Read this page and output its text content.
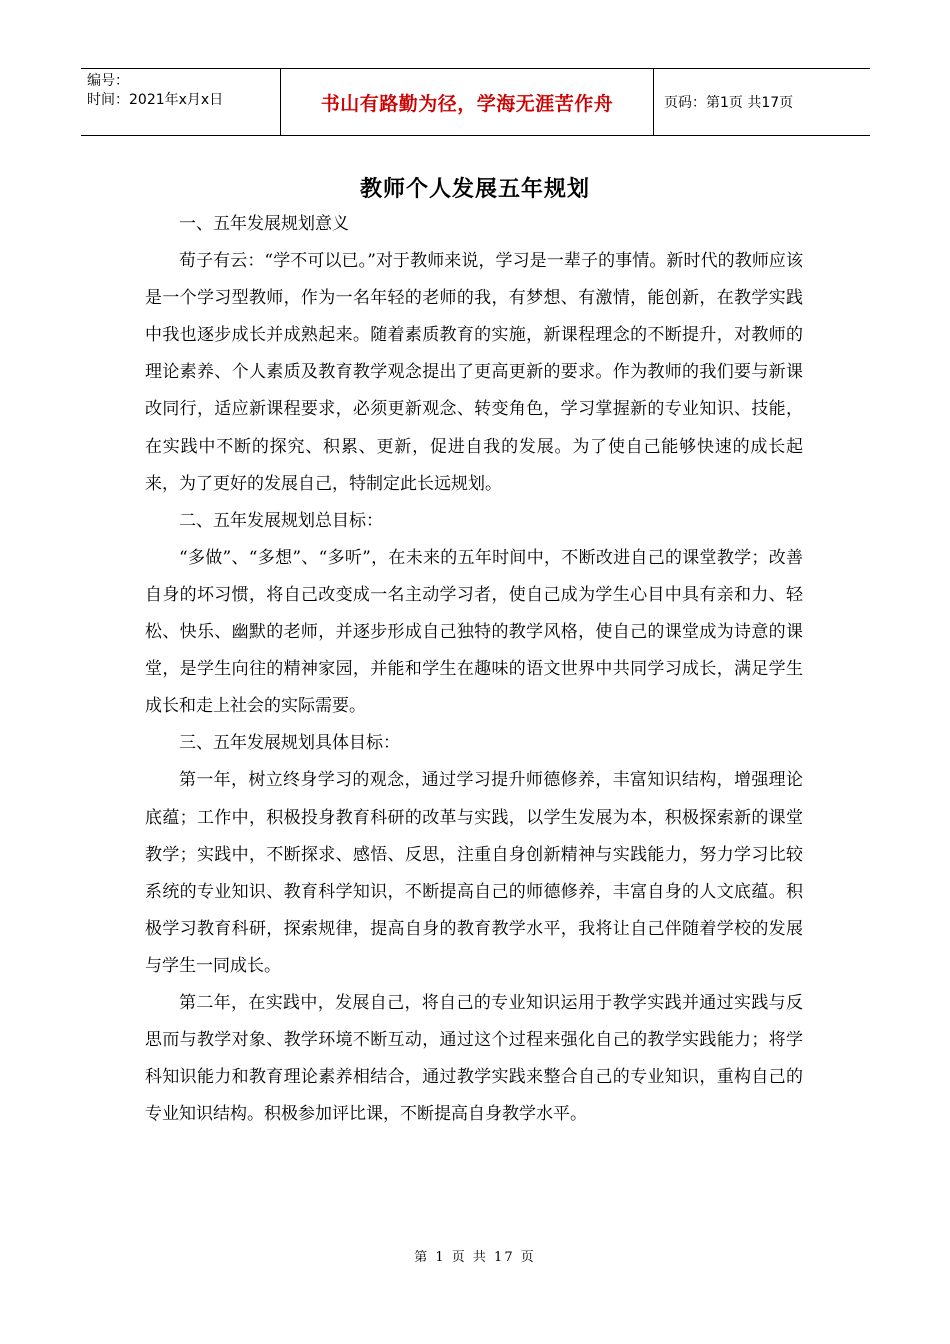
编号：
时间：2021年x月x日	书山有路勤为径，学海无涯苦作舟	页码：第1页 共17页
教师个人发展五年规划

一、五年发展规划意义

荀子有云：“学不可以已。”对于教师来说，学习是一辈子的事情。新时代的教师应该是一个学习型教师，作为一名年轻的老师的我，有梦想、有激情，能创新，在教学实践中我也逐步成长并成熟起来。随着素质教育的实施，新课程理念的不断提升，对教师的理论素养、个人素质及教育教学观念提出了更高更新的要求。作为教师的我们要与新课改同行，适应新课程要求，必须更新观念、转变角色，学习掌握新的专业知识、技能，在实践中不断的探究、积累、更新，促进自我的发展。为了使自己能够快速的成长起来，为了更好的发展自己，特制定此长远规划。

二、五年发展规划总目标：

“多做”、“多想”、“多听”，在未来的五年时间中，不断改进自己的课堂教学；改善自身的坏习惯，将自己改变成一名主动学习者，使自己成为学生心目中具有亲和力、轻松、快乐、幽默的老师，并逐步形成自己独特的教学风格，使自己的课堂成为诗意的课堂，是学生向往的精神家园，并能和学生在趣味的语文世界中共同学习成长，满足学生成长和走上社会的实际需要。

三、五年发展规划具体目标：

第一年，树立终身学习的观念，通过学习提升师德修养，丰富知识结构，增强理论底蕴；工作中，积极投身教育科研的改革与实践，以学生发展为本，积极探索新的课堂教学；实践中，不断探求、感悟、反思，注重自身创新精神与实践能力，努力学习比较系统的专业知识、教育科学知识，不断提高自己的师德修养，丰富自身的人文底蕴。积极学习教育科研，探索规律，提高自身的教育教学水平，我将让自己伴随着学校的发展与学生一同成长。

第二年，在实践中，发展自己，将自己的专业知识运用于教学实践并通过实践与反思而与教学对象、教学环境不断互动，通过这个过程来强化自己的教学实践能力；将学科知识能力和教育理论素养相结合，通过教学实践来整合自己的专业知识，重构自己的专业知识结构。积极参加评比课，不断提高自身教学水平。

第 1 页 共 17 页
